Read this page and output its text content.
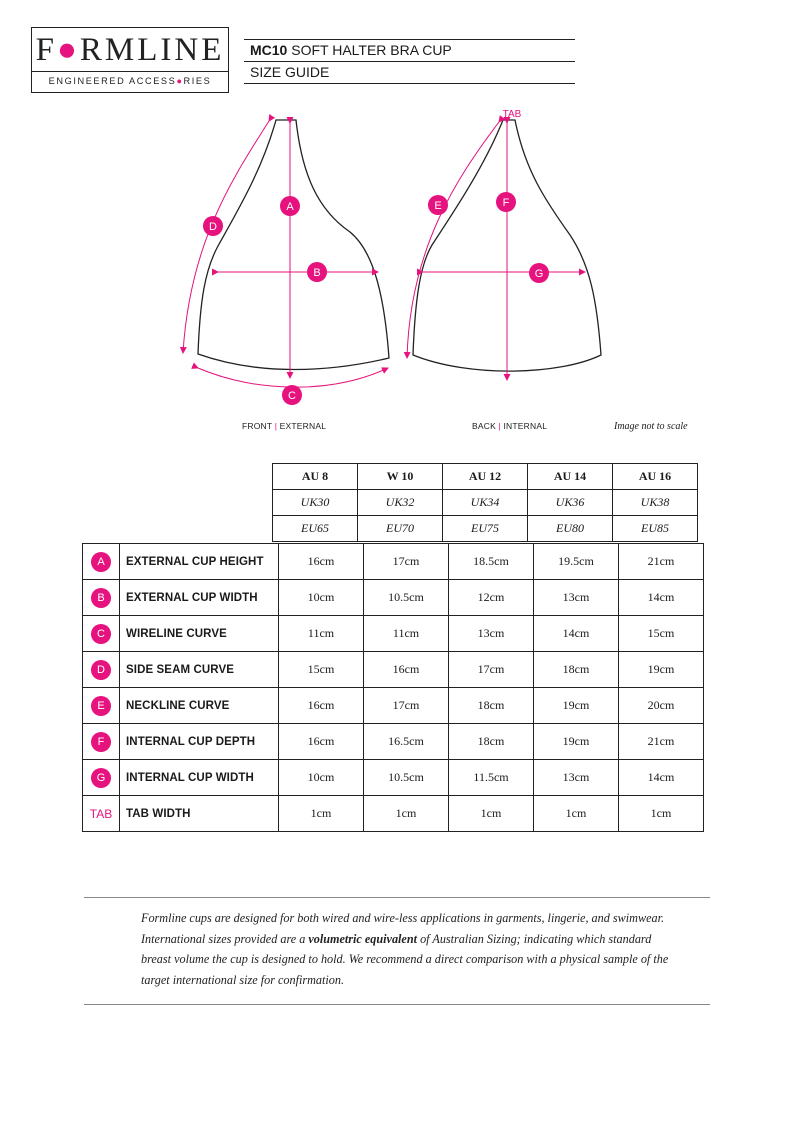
F●RMLINE
ENGINEERED ACCESS●RIES
MC10 SOFT HALTER BRA CUP
SIZE GUIDE
A
B
C
D
E	F
G
TAB
FRONT | EXTERNAL	BACK | INTERNAL	Image not to scale
AU 8	W 10	AU 12	AU 14	AU 16
UK30	UK32	UK34	UK36	UK38
EU65	EU70	EU75	EU80	EU85
A	EXTERNAL CUP HEIGHT	16cm	17cm	18.5cm	19.5cm	21cm
B	EXTERNAL CUP WIDTH	10cm	10.5cm	12cm	13cm	14cm
C	WIRELINE CURVE	11cm	11cm	13cm	14cm	15cm
D	SIDE SEAM CURVE	15cm	16cm	17cm	18cm	19cm
E	NECKLINE CURVE	16cm	17cm	18cm	19cm	20cm
F	INTERNAL CUP DEPTH	16cm	16.5cm	18cm	19cm	21cm
G	INTERNAL CUP WIDTH	10cm	10.5cm	11.5cm	13cm	14cm
TAB	TAB WIDTH	1cm	1cm	1cm	1cm	1cm
Formline cups are designed for both wired and wire-less applications in garments, lingerie, and swimwear. International sizes provided are a volumetric equivalent of Australian Sizing; indicating which standard breast volume the cup is designed to hold. We recommend a direct comparison with a physical sample of the target international size for confirmation.
